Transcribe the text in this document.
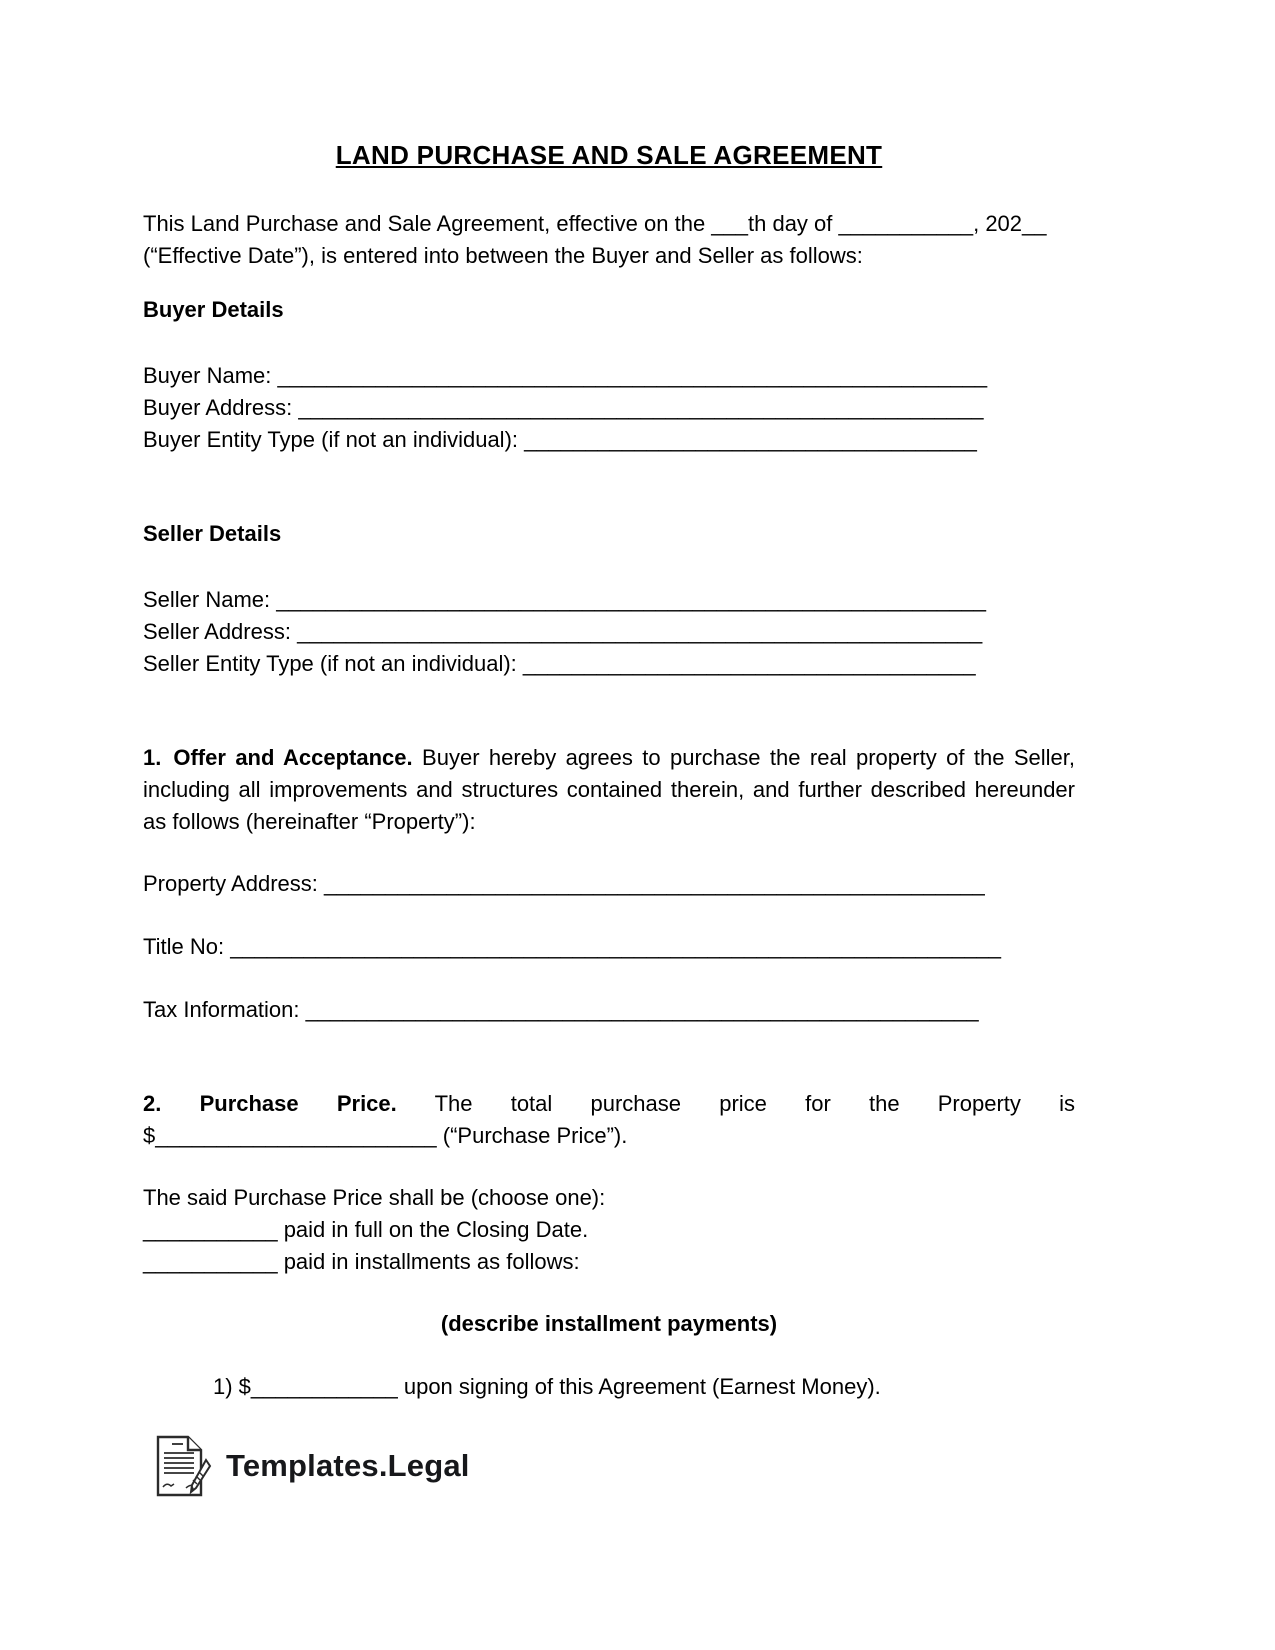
LAND PURCHASE AND SALE AGREEMENT

This Land Purchase and Sale Agreement, effective on the ___th day of ___________, 202__ (“Effective Date”), is entered into between the Buyer and Seller as follows:

Buyer Details
Buyer Name: __________________________________________________________
Buyer Address: ________________________________________________________
Buyer Entity Type (if not an individual): _____________________________________
Seller Details
Seller Name: __________________________________________________________
Seller Address: ________________________________________________________
Seller Entity Type (if not an individual): _____________________________________

1. Offer and Acceptance. Buyer hereby agrees to purchase the real property of the Seller, including all improvements and structures contained therein, and further described hereunder as follows (hereinafter “Property”):

Property Address: ______________________________________________________
Title No: _______________________________________________________________
Tax Information: _______________________________________________________

2. Purchase Price. The total purchase price for the Property is
$_______________________ (“Purchase Price”).

The said Purchase Price shall be (choose one):
___________ paid in full on the Closing Date.
___________ paid in installments as follows:

(describe installment payments)

1) $____________ upon signing of this Agreement (Earnest Money).

Templates.Legal
